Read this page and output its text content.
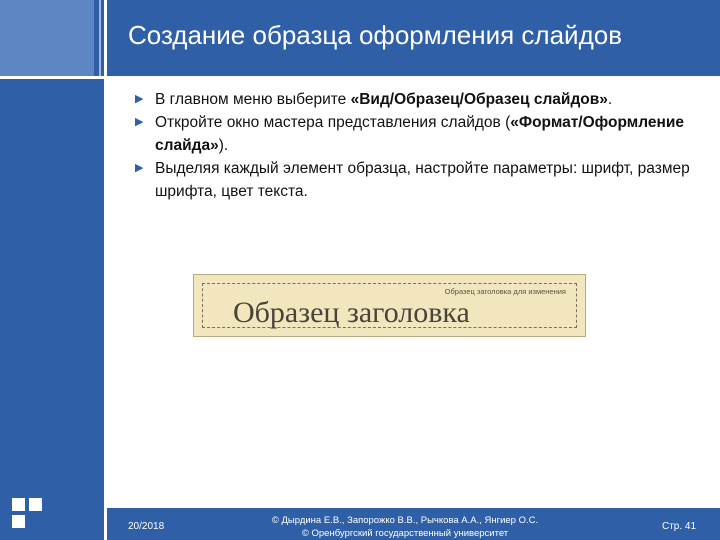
Создание образца оформления слайдов
▶ В главном меню выберите «Вид/Образец/Образец слайдов».
▶ Откройте окно мастера представления слайдов («Формат/Оформление слайда»).
▶ Выделяя каждый элемент образца, настройте параметры: шрифт, размер шрифта, цвет текста.
Образец заголовка для изменения
Образец заголовка
20/2018
© Дырдина Е.В., Запорожко В.В., Рычкова А.А., Янгиер О.С.
© Оренбургский государственный университет
Стр. 41
